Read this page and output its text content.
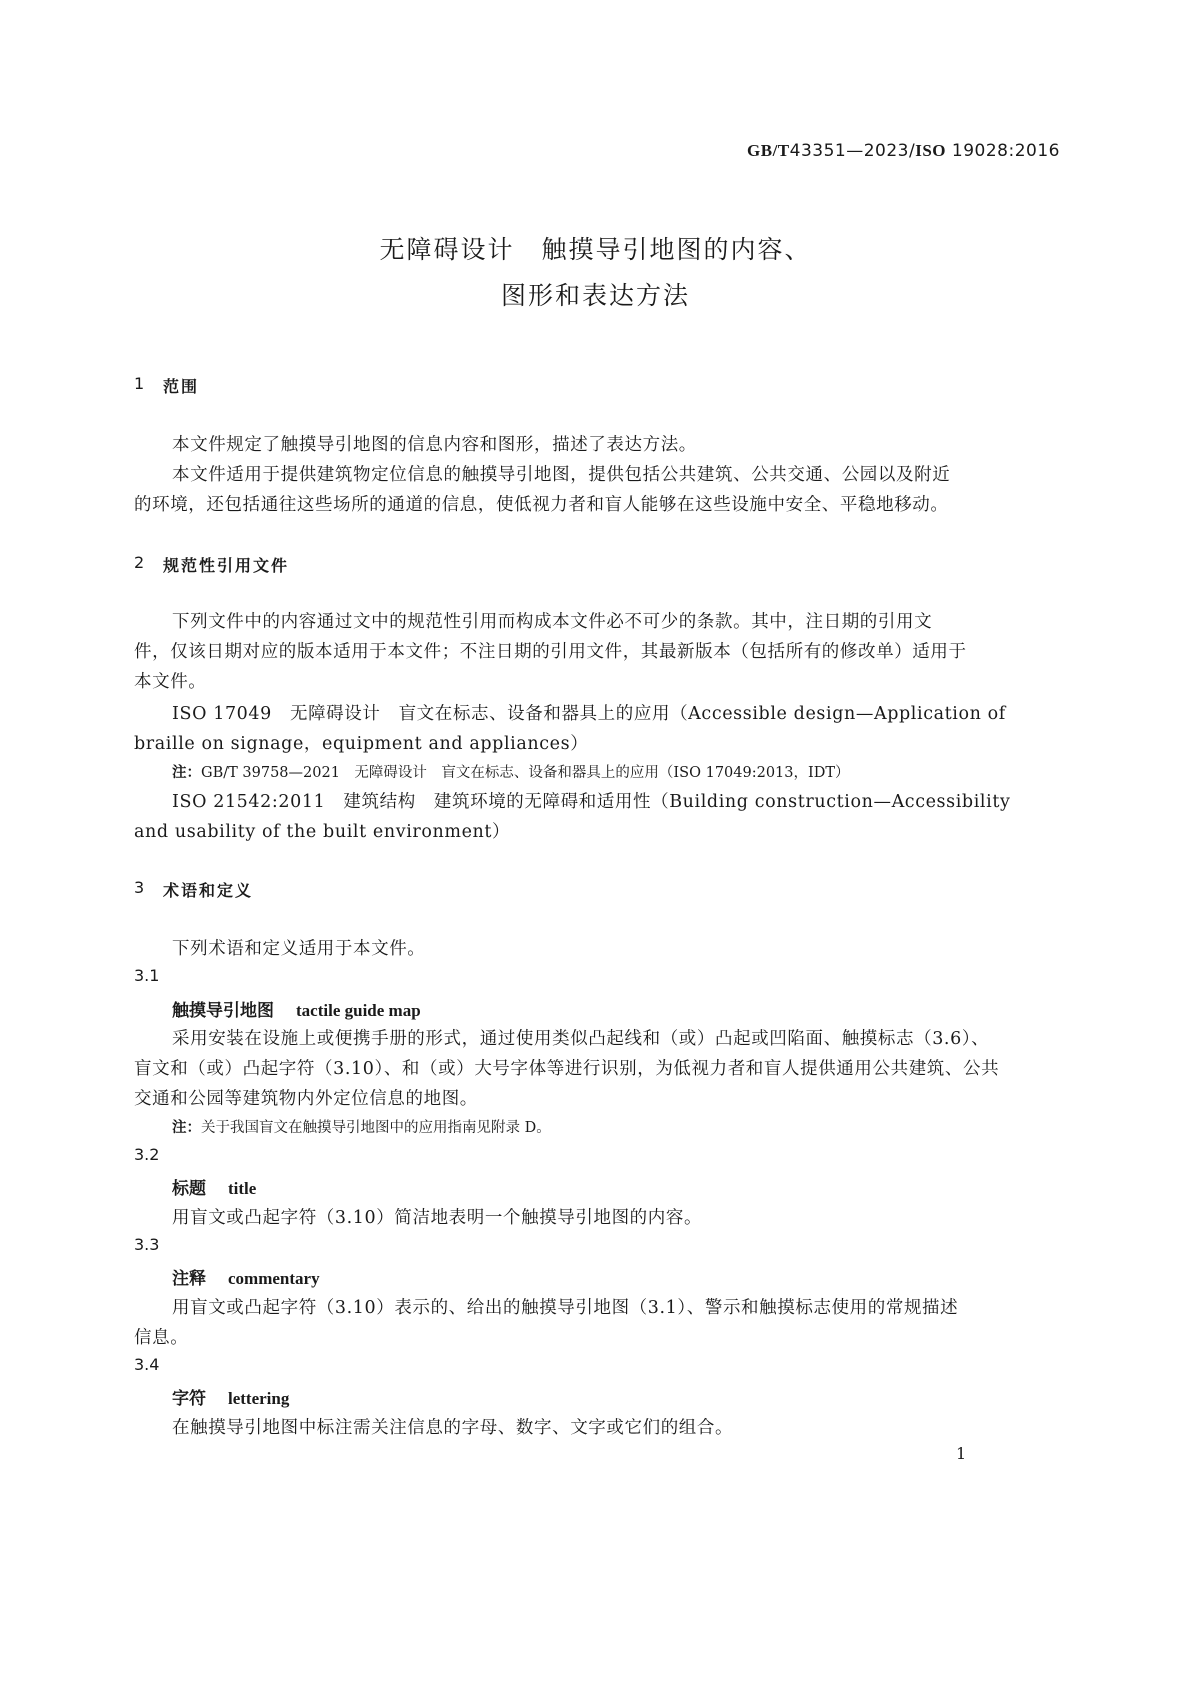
GB/T43351—2023/ISO 19028:2016
无障碍设计　触摸导引地图的内容、
图形和表达方法
1 范围
本文件规定了触摸导引地图的信息内容和图形，描述了表达方法。
本文件适用于提供建筑物定位信息的触摸导引地图，提供包括公共建筑、公共交通、公园以及附近
的环境，还包括通往这些场所的通道的信息，使低视力者和盲人能够在这些设施中安全、平稳地移动。
2 规范性引用文件
下列文件中的内容通过文中的规范性引用而构成本文件必不可少的条款。其中，注日期的引用文
件，仅该日期对应的版本适用于本文件；不注日期的引用文件，其最新版本（包括所有的修改单）适用于
本文件。
ISO 17049　无障碍设计　盲文在标志、设备和器具上的应用（Accessible design—Application of
braille on signage，equipment and appliances）
注：GB/T 39758—2021　无障碍设计　盲文在标志、设备和器具上的应用（ISO 17049:2013，IDT）
ISO 21542:2011　建筑结构　建筑环境的无障碍和适用性（Building construction—Accessibility
and usability of the built environment）
3 术语和定义
下列术语和定义适用于本文件。
3.1
触摸导引地图 tactile guide map
采用安装在设施上或便携手册的形式，通过使用类似凸起线和（或）凸起或凹陷面、触摸标志（3.6）、
盲文和（或）凸起字符（3.10）、和（或）大号字体等进行识别，为低视力者和盲人提供通用公共建筑、公共
交通和公园等建筑物内外定位信息的地图。
注：关于我国盲文在触摸导引地图中的应用指南见附录 D。
3.2
标题 title
用盲文或凸起字符（3.10）简洁地表明一个触摸导引地图的内容。
3.3
注释 commentary
用盲文或凸起字符（3.10）表示的、给出的触摸导引地图（3.1）、警示和触摸标志使用的常规描述
信息。
3.4
字符 lettering
在触摸导引地图中标注需关注信息的字母、数字、文字或它们的组合。
1
